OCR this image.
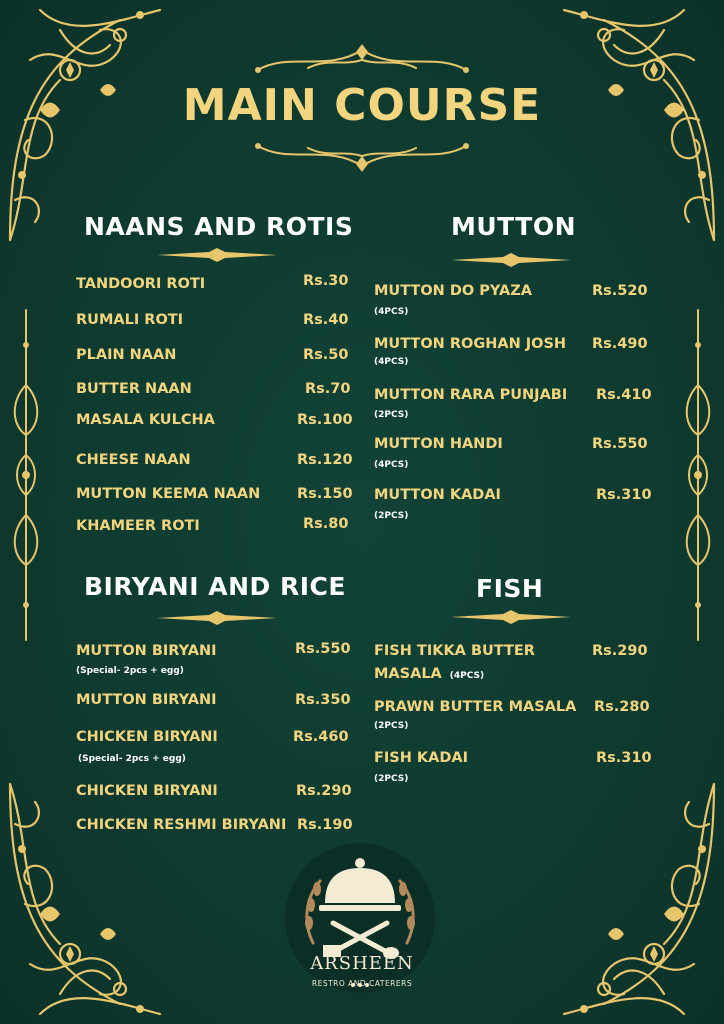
MAIN COURSE
NAANS AND ROTIS
TANDOORI ROTI	Rs.30
RUMALI ROTI	Rs.40
PLAIN NAAN	Rs.50
BUTTER NAAN	Rs.70
MASALA KULCHA	Rs.100
CHEESE NAAN	Rs.120
MUTTON KEEMA NAAN	Rs.150
KHAMEER ROTI	Rs.80
MUTTON
MUTTON DO PYAZA	Rs.520
(4PCS)
MUTTON ROGHAN JOSH Rs.490
(4PCS)
MUTTON RARA PUNJABI Rs.410
(2PCS)
MUTTON HANDI	Rs.550
(4PCS)
MUTTON KADAI	Rs.310
(2PCS)
BIRYANI AND RICE
MUTTON BIRYANI	Rs.550
(Special- 2pcs + egg)
MUTTON BIRYANI	Rs.350
CHICKEN BIRYANI	Rs.460
(Special- 2pcs + egg)
CHICKEN BIRYANI	Rs.290
CHICKEN RESHMI BIRYANI Rs.190
FISH
FISH TIKKA BUTTER
MASALA (4PCS)
Rs.290
PRAWN BUTTER MASALA Rs.280
(2PCS)
FISH KADAI	Rs.310
(2PCS)
ARSHEEN
RESTRO AND CATERERS
